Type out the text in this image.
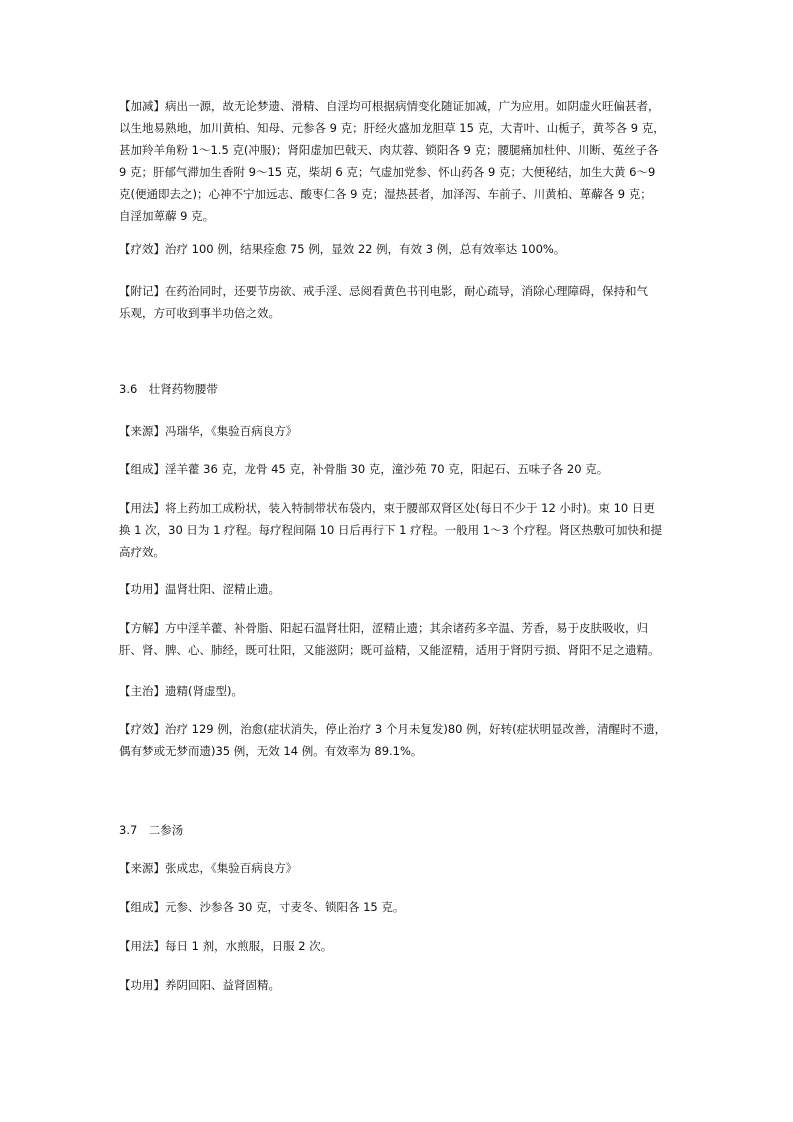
【加减】病出一源，故无论梦遗、滑精、自淫均可根据病情变化随证加减，广为应用。如阴虚火旺偏甚者，
以生地易熟地，加川黄柏、知母、元参各 9 克；肝经火盛加龙胆草 15 克，大青叶、山栀子，黄芩各 9 克，
甚加羚羊角粉 1～1.5 克(冲服)；肾阳虚加巴戟天、肉苁蓉、锁阳各 9 克；腰腿痛加杜仲、川断、菟丝子各
9 克；肝郁气滞加生香附 9～15 克，柴胡 6 克；气虚加党参、怀山药各 9 克；大便秘结，加生大黄 6～9
克(便通即去之)；心神不宁加远志、酸枣仁各 9 克；湿热甚者，加泽泻、车前子、川黄柏、萆薢各 9 克；
自淫加萆薢 9 克。

【疗效】治疗 100 例，结果痊愈 75 例，显效 22 例，有效 3 例，总有效率达 100%。

【附记】在药治同时，还要节房欲、戒手淫、忌阅看黄色书刊电影，耐心疏导，消除心理障碍，保持和气
乐观，方可收到事半功倍之效。

3.6　壮肾药物腰带

【来源】冯瑞华，《集验百病良方》

【组成】淫羊藿 36 克，龙骨 45 克，补骨脂 30 克，潼沙苑 70 克，阳起石、五味子各 20 克。

【用法】将上药加工成粉状，装入特制带状布袋内，束于腰部双肾区处(每日不少于 12 小时)。束 10 日更
换 1 次，30 日为 1 疗程。每疗程间隔 10 日后再行下 1 疗程。一般用 1～3 个疗程。肾区热敷可加快和提
高疗效。

【功用】温肾壮阳、涩精止遗。

【方解】方中淫羊藿、补骨脂、阳起石温肾壮阳，涩精止遗；其余诸药多辛温、芳香，易于皮肤吸收，归
肝、肾、脾、心、肺经，既可壮阳，又能滋阴；既可益精，又能涩精，适用于肾阴亏损、肾阳不足之遗精。

【主治】遗精(肾虚型)。

【疗效】治疗 129 例，治愈(症状消失，停止治疗 3 个月未复发)80 例，好转(症状明显改善，清醒时不遗，
偶有梦或无梦而遗)35 例，无效 14 例。有效率为 89.1%。

3.7　二参汤

【来源】张成忠，《集验百病良方》

【组成】元参、沙参各 30 克，寸麦冬、锁阳各 15 克。

【用法】每日 1 剂，水煎服，日服 2 次。

【功用】养阴回阳、益肾固精。
